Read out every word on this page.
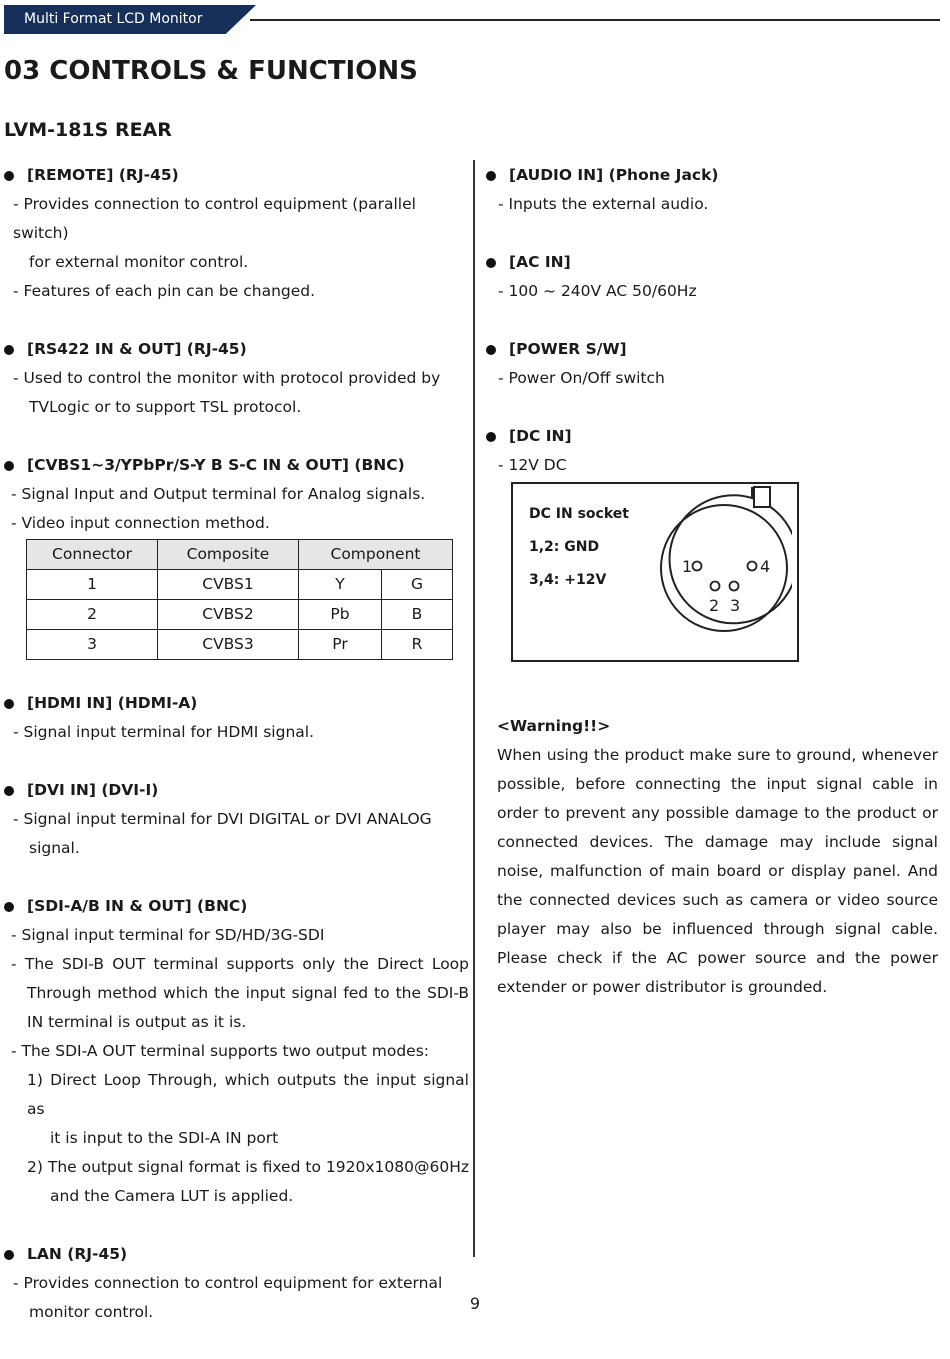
Multi Format LCD Monitor
03 CONTROLS & FUNCTIONS
LVM-181S REAR
[REMOTE] (RJ-45)
- Provides connection to control equipment (parallel switch)
for external monitor control.
- Features of each pin can be changed.
[RS422 IN & OUT] (RJ-45)
- Used to control the monitor with protocol provided by
TVLogic or to support TSL protocol.
[CVBS1~3/YPbPr/S-Y B S-C IN & OUT] (BNC)
- Signal Input and Output terminal for Analog signals.
- Video input connection method.
Connector	Composite	Component	
1	CVBS1	Y	G
2	CVBS2	Pb	B
3	CVBS3	Pr	R
[HDMI IN] (HDMI-A)
- Signal input terminal for HDMI signal.
[DVI IN] (DVI-I)
- Signal input terminal for DVI DIGITAL or DVI ANALOG
signal.
[SDI-A/B IN & OUT] (BNC)
- Signal input terminal for SD/HD/3G-SDI
- The SDI-B OUT terminal supports only the Direct Loop
Through method which the input signal fed to the SDI-B
IN terminal is output as it is.
- The SDI-A OUT terminal supports two output modes:
1) Direct Loop Through, which outputs the input signal as
it is input to the SDI-A IN port
2) The output signal format is fixed to 1920x1080@60Hz
and the Camera LUT is applied.
LAN (RJ-45)
- Provides connection to control equipment for external
monitor control.
[AUDIO IN] (Phone Jack)
- Inputs the external audio.
[AC IN]
- 100 ~ 240V AC 50/60Hz
[POWER S/W]
- Power On/Off switch
[DC IN]
- 12V DC
DC IN socket
1,2: GND
3,4: +12V
1
2 3
4
<Warning!!>
When using the product make sure to ground, whenever possible, before connecting the input signal cable in order to prevent any possible damage to the product or connected devices. The damage may include signal noise, malfunction of main board or display panel. And the connected devices such as camera or video source player may also be influenced through signal cable. Please check if the AC power source and the power extender or power distributor is grounded.
9
